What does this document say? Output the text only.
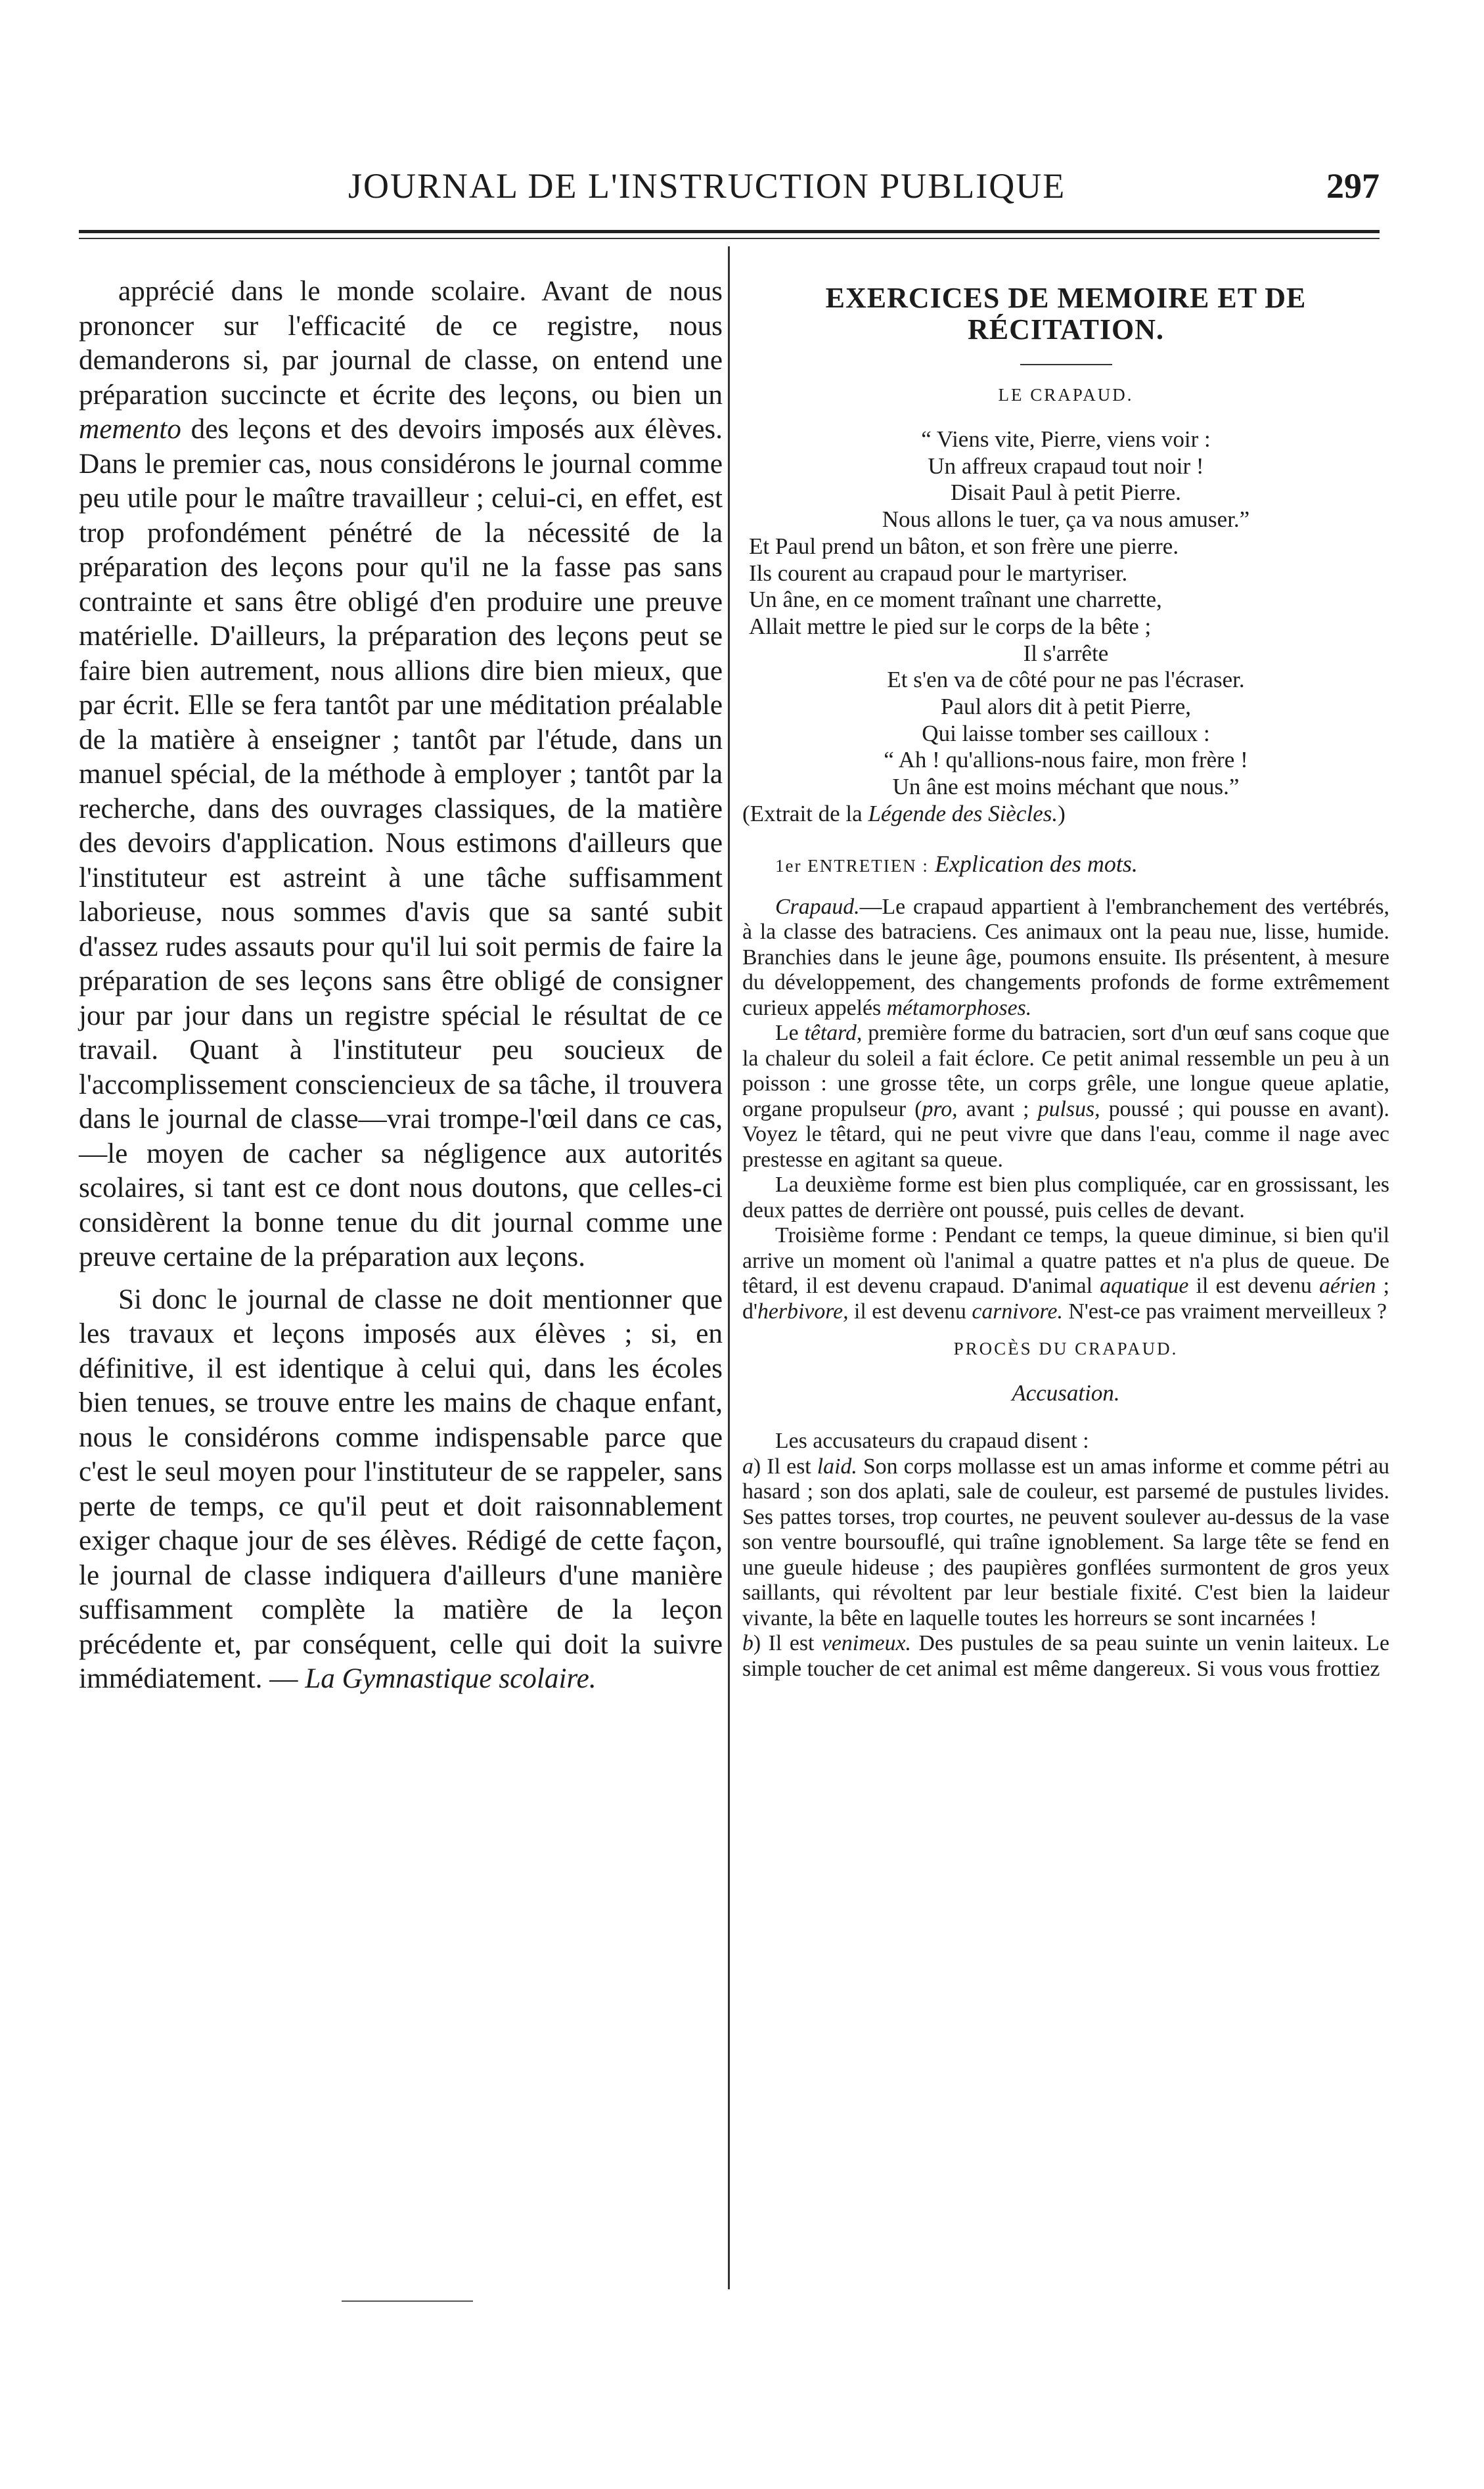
JOURNAL DE L'INSTRUCTION PUBLIQUE	297

apprécié dans le monde scolaire. Avant de nous prononcer sur l'efficacité de ce registre, nous demanderons si, par journal de classe, on entend une préparation succincte et écrite des leçons, ou bien un memento des leçons et des devoirs imposés aux élèves. Dans le premier cas, nous considérons le journal comme peu utile pour le maître travailleur ; celui-ci, en effet, est trop profondément pénétré de la nécessité de la préparation des leçons pour qu'il ne la fasse pas sans contrainte et sans être obligé d'en produire une preuve matérielle. D'ailleurs, la préparation des leçons peut se faire bien autrement, nous allions dire bien mieux, que par écrit. Elle se fera tantôt par une méditation préalable de la matière à enseigner ; tantôt par l'étude, dans un manuel spécial, de la méthode à employer ; tantôt par la recherche, dans des ouvrages classiques, de la matière des devoirs d'application. Nous estimons d'ailleurs que l'instituteur est astreint à une tâche suffisamment laborieuse, nous sommes d'avis que sa santé subit d'assez rudes assauts pour qu'il lui soit permis de faire la préparation de ses leçons sans être obligé de consigner jour par jour dans un registre spécial le résultat de ce travail. Quant à l'instituteur peu soucieux de l'accomplissement consciencieux de sa tâche, il trouvera dans le journal de classe—vrai trompe-l'œil dans ce cas,—le moyen de cacher sa négligence aux autorités scolaires, si tant est ce dont nous doutons, que celles-ci considèrent la bonne tenue du dit journal comme une preuve certaine de la préparation aux leçons.

Si donc le journal de classe ne doit mentionner que les travaux et leçons imposés aux élèves ; si, en définitive, il est identique à celui qui, dans les écoles bien tenues, se trouve entre les mains de chaque enfant, nous le considérons comme indispensable parce que c'est le seul moyen pour l'instituteur de se rappeler, sans perte de temps, ce qu'il peut et doit raisonnablement exiger chaque jour de ses élèves. Rédigé de cette façon, le journal de classe indiquera d'ailleurs d'une manière suffisamment complète la matière de la leçon précédente et, par conséquent, celle qui doit la suivre immédiatement. — La Gymnastique scolaire.

EXERCICES DE MEMOIRE ET DE RÉCITATION.
LE CRAPAUD.
“ Viens vite, Pierre, viens voir :
Un affreux crapaud tout noir !
Disait Paul à petit Pierre.
Nous allons le tuer, ça va nous amuser.”
Et Paul prend un bâton, et son frère une pierre.
Ils courent au crapaud pour le martyriser.
Un âne, en ce moment traînant une charrette,
Allait mettre le pied sur le corps de la bête ;
Il s'arrête
Et s'en va de côté pour ne pas l'écraser.
Paul alors dit à petit Pierre,
Qui laisse tomber ses cailloux :
“ Ah ! qu'allions-nous faire, mon frère !
Un âne est moins méchant que nous.”
(Extrait de la Légende des Siècles.)
1er ENTRETIEN : Explication des mots.

Crapaud.—Le crapaud appartient à l'embranchement des vertébrés, à la classe des batraciens. Ces animaux ont la peau nue, lisse, humide. Branchies dans le jeune âge, poumons ensuite. Ils présentent, à mesure du développement, des changements profonds de forme extrêmement curieux appelés métamorphoses.

Le têtard, première forme du batracien, sort d'un œuf sans coque que la chaleur du soleil a fait éclore. Ce petit animal ressemble un peu à un poisson : une grosse tête, un corps grêle, une longue queue aplatie, organe propulseur (pro, avant ; pulsus, poussé ; qui pousse en avant). Voyez le têtard, qui ne peut vivre que dans l'eau, comme il nage avec prestesse en agitant sa queue.

La deuxième forme est bien plus compliquée, car en grossissant, les deux pattes de derrière ont poussé, puis celles de devant.

Troisième forme : Pendant ce temps, la queue diminue, si bien qu'il arrive un moment où l'animal a quatre pattes et n'a plus de queue. De têtard, il est devenu crapaud. D'animal aquatique il est devenu aérien ; d'herbivore, il est devenu carnivore. N'est-ce pas vraiment merveilleux ?

PROCÈS DU CRAPAUD.
Accusation.

Les accusateurs du crapaud disent :

a) Il est laid. Son corps mollasse est un amas informe et comme pétri au hasard ; son dos aplati, sale de couleur, est parsemé de pustules livides. Ses pattes torses, trop courtes, ne peuvent soulever au-dessus de la vase son ventre boursouflé, qui traîne ignoblement. Sa large tête se fend en une gueule hideuse ; des paupières gonflées surmontent de gros yeux saillants, qui révoltent par leur bestiale fixité. C'est bien la laideur vivante, la bête en laquelle toutes les horreurs se sont incarnées !

b) Il est venimeux. Des pustules de sa peau suinte un venin laiteux. Le simple toucher de cet animal est même dangereux. Si vous vous frottiez
